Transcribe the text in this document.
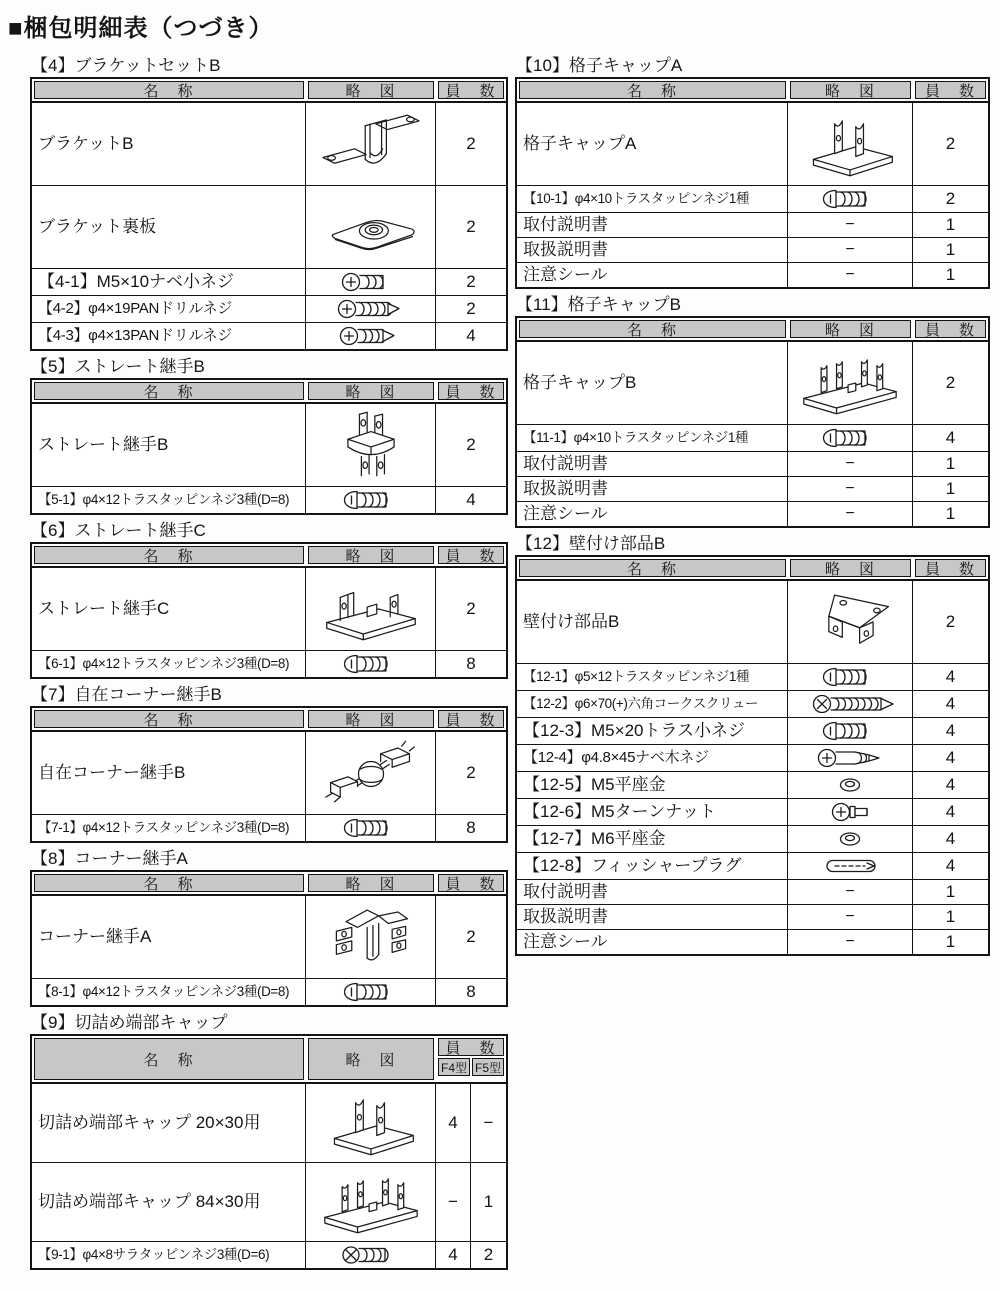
■梱包明細表（つづき）
【4】ブラケットセットB
名　称	略　図	員　数
ブラケットB	2
ブラケット裏板	2
【4-1】M5×10ナベ小ネジ	2
【4-2】φ4×19PANドリルネジ	2
【4-3】φ4×13PANドリルネジ	4
【5】ストレート継手B
名　称	略　図	員　数
ストレート継手B	2
【5-1】φ4×12トラスタッピンネジ3種(D=8)	4
【6】ストレート継手C
名　称	略　図	員　数
ストレート継手C	2
【6-1】φ4×12トラスタッピンネジ3種(D=8)	8
【7】自在コーナー継手B
名　称	略　図	員　数
自在コーナー継手B	2
【7-1】φ4×12トラスタッピンネジ3種(D=8)	8
【8】コーナー継手A
名　称	略　図	員　数
コーナー継手A	2
【8-1】φ4×12トラスタッピンネジ3種(D=8)	8
【9】切詰め端部キャップ
名　称	略　図
員　数
F4型 F5型
切詰め端部キャップ 20×30用	4	−
切詰め端部キャップ 84×30用	−	1
【9-1】φ4×8サラタッピンネジ3種(D=6)	4	2
【10】格子キャップA
名　称	略　図	員　数
格子キャップA	2
【10-1】φ4×10トラスタッピンネジ1種	2
取付説明書	−	1
取扱説明書	−	1
注意シール	−	1
【11】格子キャップB
名　称	略　図	員　数
格子キャップB	2
【11-1】φ4×10トラスタッピンネジ1種	4
取付説明書	−	1
取扱説明書	−	1
注意シール	−	1
【12】壁付け部品B
名　称	略　図	員　数
壁付け部品B	2
【12-1】φ5×12トラスタッピンネジ1種	4
【12-2】φ6×70(+)六角コークスクリュー	4
【12-3】M5×20トラス小ネジ	4
【12-4】φ4.8×45ナベ木ネジ	4
【12-5】M5平座金	4
【12-6】M5ターンナット	4
【12-7】M6平座金	4
【12-8】フィッシャープラグ	4
取付説明書	−	1
取扱説明書	−	1
注意シール	−	1
